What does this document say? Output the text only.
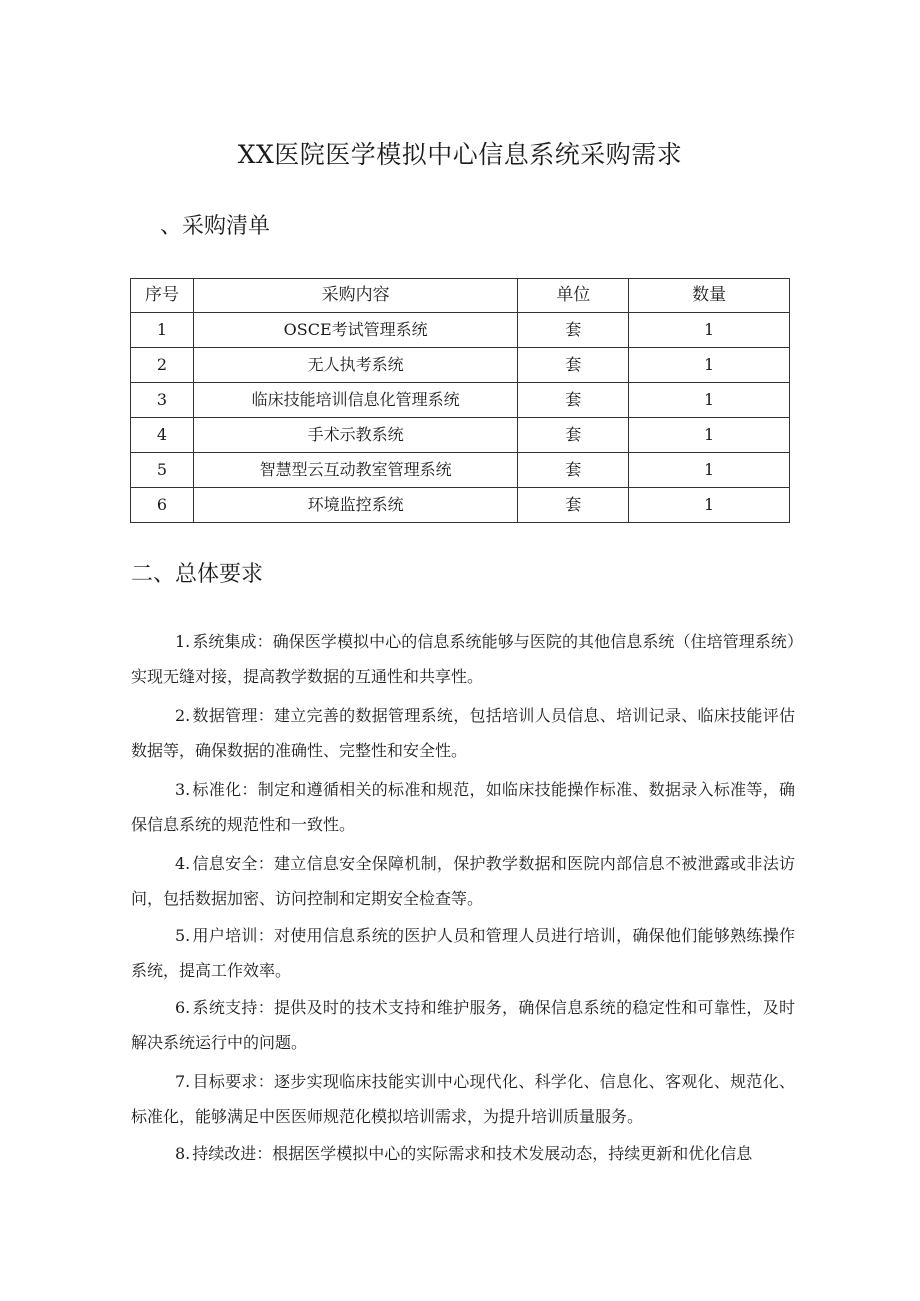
XX医院医学模拟中心信息系统采购需求
、采购清单
序号	采购内容	单位	数量
1	OSCE考试管理系统	套	1
2	无人执考系统	套	1
3	临床技能培训信息化管理系统	套	1
4	手术示教系统	套	1
5	智慧型云互动教室管理系统	套	1
6	环境监控系统	套	1
二、总体要求

1. 系统集成：确保医学模拟中心的信息系统能够与医院的其他信息系统（住培管理系统）实现无缝对接，提高教学数据的互通性和共享性。

2. 数据管理：建立完善的数据管理系统，包括培训人员信息、培训记录、临床技能评估数据等，确保数据的准确性、完整性和安全性。

3. 标准化：制定和遵循相关的标准和规范，如临床技能操作标准、数据录入标准等，确保信息系统的规范性和一致性。

4. 信息安全：建立信息安全保障机制，保护教学数据和医院内部信息不被泄露或非法访问，包括数据加密、访问控制和定期安全检查等。

5. 用户培训：对使用信息系统的医护人员和管理人员进行培训，确保他们能够熟练操作系统，提高工作效率。

6. 系统支持：提供及时的技术支持和维护服务，确保信息系统的稳定性和可靠性，及时解决系统运行中的问题。

7. 目标要求：逐步实现临床技能实训中心现代化、科学化、信息化、客观化、规范化、标准化，能够满足中医医师规范化模拟培训需求，为提升培训质量服务。

8. 持续改进：根据医学模拟中心的实际需求和技术发展动态，持续更新和优化信息
